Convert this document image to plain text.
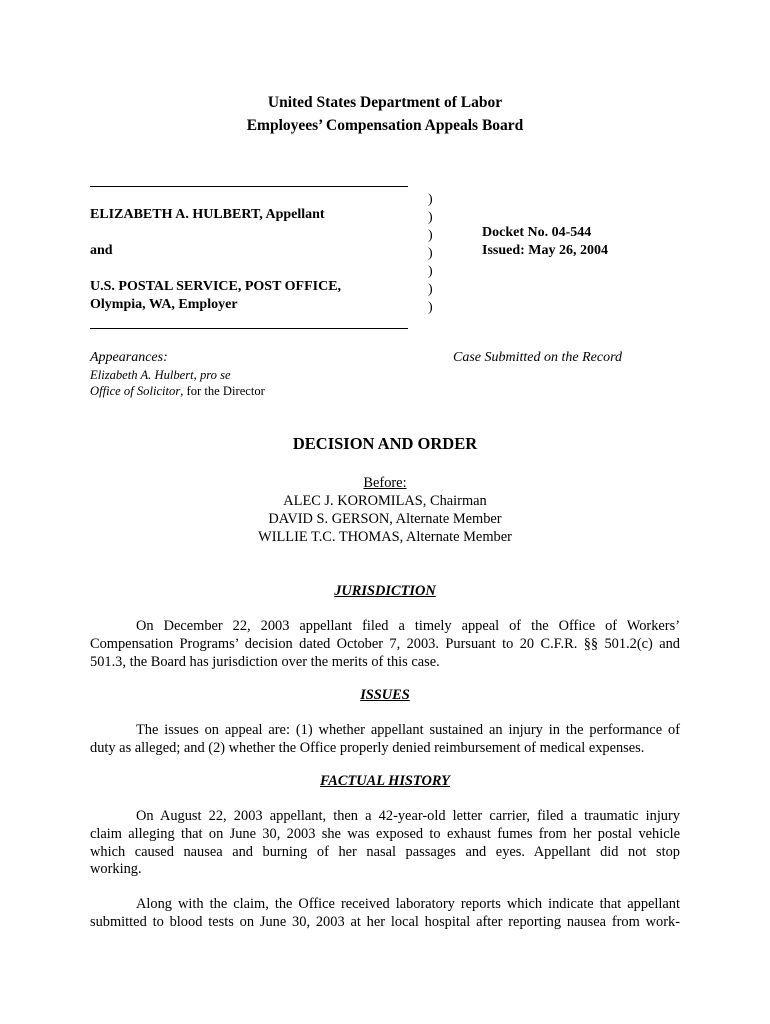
United States Department of Labor
Employees’ Compensation Appeals Board
ELIZABETH A. HULBERT, Appellant
and
U.S. POSTAL SERVICE, POST OFFICE,
Olympia, WA, Employer
)
)
)
)
)
)
)
Docket No. 04-544
Issued: May 26, 2004
Appearances:
Elizabeth A. Hulbert, pro se
Office of Solicitor, for the Director
Case Submitted on the Record
DECISION AND ORDER
Before:
ALEC J. KOROMILAS, Chairman
DAVID S. GERSON, Alternate Member
WILLIE T.C. THOMAS, Alternate Member
JURISDICTION
On December 22, 2003 appellant filed a timely appeal of the Office of Workers’
Compensation Programs’ decision dated October 7, 2003. Pursuant to 20 C.F.R. §§ 501.2(c) and
501.3, the Board has jurisdiction over the merits of this case.
ISSUES
The issues on appeal are: (1) whether appellant sustained an injury in the performance of
duty as alleged; and (2) whether the Office properly denied reimbursement of medical expenses.
FACTUAL HISTORY
On August 22, 2003 appellant, then a 42-year-old letter carrier, filed a traumatic injury
claim alleging that on June 30, 2003 she was exposed to exhaust fumes from her postal vehicle
which caused nausea and burning of her nasal passages and eyes. Appellant did not stop
working.
Along with the claim, the Office received laboratory reports which indicate that appellant
submitted to blood tests on June 30, 2003 at her local hospital after reporting nausea from work-
